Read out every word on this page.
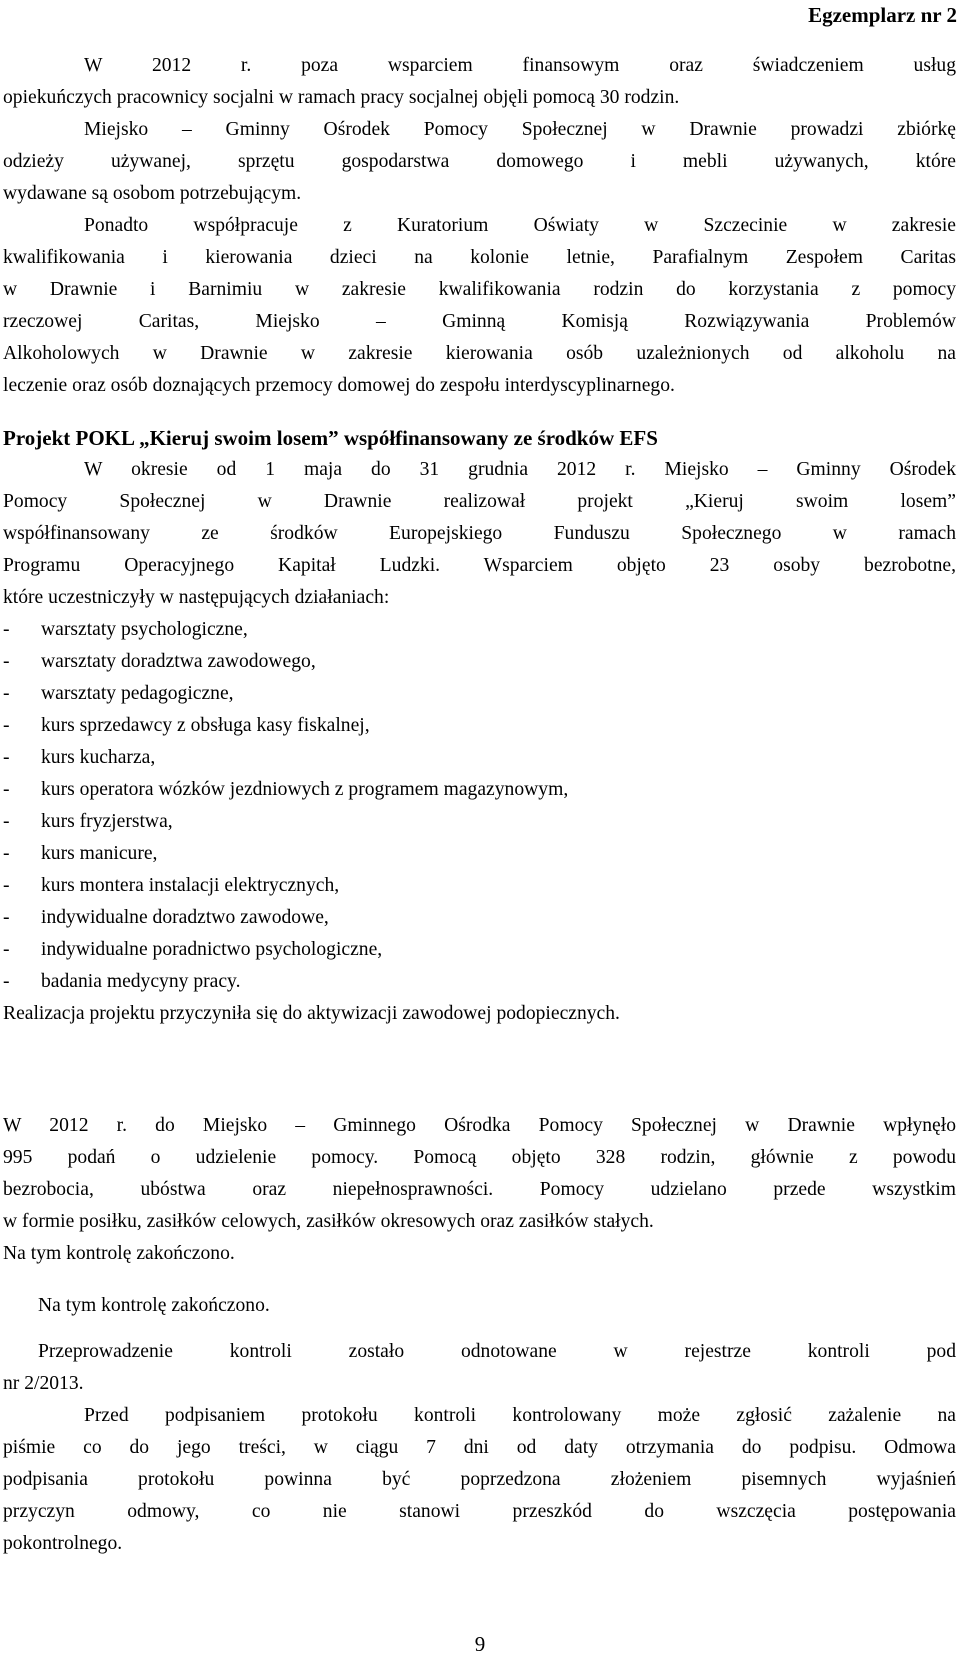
Egzemplarz nr 2
W 2012 r. poza wsparciem finansowym oraz świadczeniem usług
opiekuńczych pracownicy socjalni w ramach pracy socjalnej objęli pomocą 30 rodzin.
Miejsko – Gminny Ośrodek Pomocy Społecznej w Drawnie prowadzi zbiórkę
odzieży używanej, sprzętu gospodarstwa domowego i mebli używanych, które
wydawane są osobom potrzebującym.
Ponadto współpracuje z Kuratorium Oświaty w Szczecinie w zakresie
kwalifikowania i kierowania dzieci na kolonie letnie, Parafialnym Zespołem Caritas
w Drawnie i Barnimiu w zakresie kwalifikowania rodzin do korzystania z pomocy
rzeczowej Caritas, Miejsko – Gminną Komisją Rozwiązywania Problemów
Alkoholowych w Drawnie w zakresie kierowania osób uzależnionych od alkoholu na
leczenie oraz osób doznających przemocy domowej do zespołu interdyscyplinarnego.
Projekt POKL „Kieruj swoim losem” współfinansowany ze środków EFS
W okresie od 1 maja do 31 grudnia 2012 r. Miejsko – Gminny Ośrodek
Pomocy Społecznej w Drawnie realizował projekt „Kieruj swoim losem”
współfinansowany ze środków Europejskiego Funduszu Społecznego w ramach
Programu Operacyjnego Kapitał Ludzki. Wsparciem objęto 23 osoby bezrobotne,
które uczestniczyły w następujących działaniach:
- warsztaty psychologiczne,
- warsztaty doradztwa zawodowego,
- warsztaty pedagogiczne,
- kurs sprzedawcy z obsługa kasy fiskalnej,
- kurs kucharza,
- kurs operatora wózków jezdniowych z programem magazynowym,
- kurs fryzjerstwa,
- kurs manicure,
- kurs montera instalacji elektrycznych,
- indywidualne doradztwo zawodowe,
- indywidualne poradnictwo psychologiczne,
- badania medycyny pracy.
Realizacja projektu przyczyniła się do aktywizacji zawodowej podopiecznych.
W 2012 r. do Miejsko – Gminnego Ośrodka Pomocy Społecznej w Drawnie wpłynęło
995 podań o udzielenie pomocy. Pomocą objęto 328 rodzin, głównie z powodu
bezrobocia, ubóstwa oraz niepełnosprawności. Pomocy udzielano przede wszystkim
w formie posiłku, zasiłków celowych, zasiłków okresowych oraz zasiłków stałych.
Na tym kontrolę zakończono.
Na tym kontrolę zakończono.
Przeprowadzenie kontroli zostało odnotowane w rejestrze kontroli pod
nr 2/2013.
Przed podpisaniem protokołu kontroli kontrolowany może zgłosić zażalenie na
piśmie co do jego treści, w ciągu 7 dni od daty otrzymania do podpisu. Odmowa
podpisania protokołu powinna być poprzedzona złożeniem pisemnych wyjaśnień
przyczyn odmowy, co nie stanowi przeszkód do wszczęcia postępowania
pokontrolnego.
9
